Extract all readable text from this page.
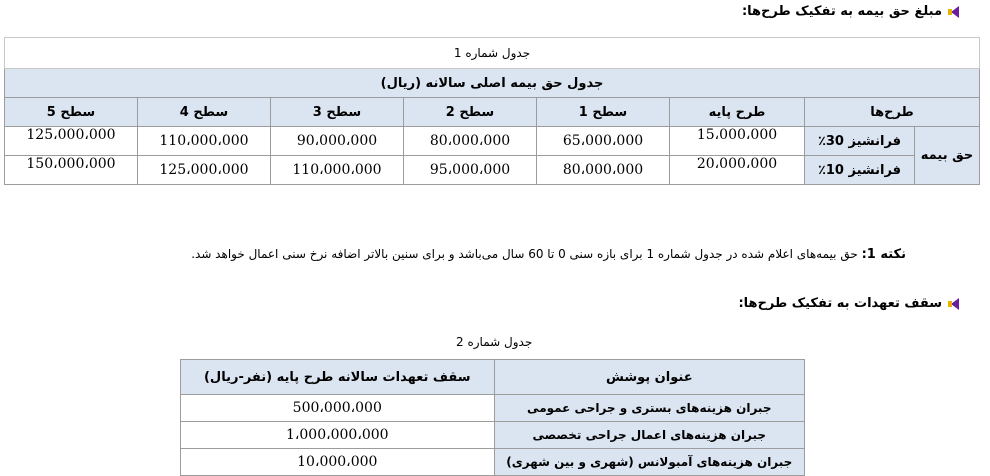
مبلغ حق بیمه به تفکیک طرح‌ها:
جدول شماره 1							
جدول حق بیمه اصلی سالانه (ریال)							
طرح‌ها		طرح پایه	سطح 1	سطح 2	سطح 3	سطح 4	سطح 5
حق بیمه	فرانشیز 30٪	15،000،000	65،000،000	80،000،000	90،000،000	110،000،000	125،000،000
	فرانشیز 10٪	20،000،000	80،000،000	95،000،000	110،000،000	125،000،000	150،000،000
نکته 1: حق بیمه‌های اعلام شده در جدول شماره 1 برای بازه سنی 0 تا 60 سال می‌باشد و برای سنین بالاتر اضافه نرخ سنی اعمال خواهد شد.
سقف تعهدات به تفکیک طرح‌ها:
جدول شماره 2
عنوان پوشش	سقف تعهدات سالانه طرح پایه (نفر-ریال)
جبران هزینه‌های بستری و جراحی عمومی	500،000،000
جبران هزینه‌های اعمال جراحی تخصصی	1،000،000،000
جبران هزینه‌های آمبولانس (شهری و بین شهری)	10،000،000
